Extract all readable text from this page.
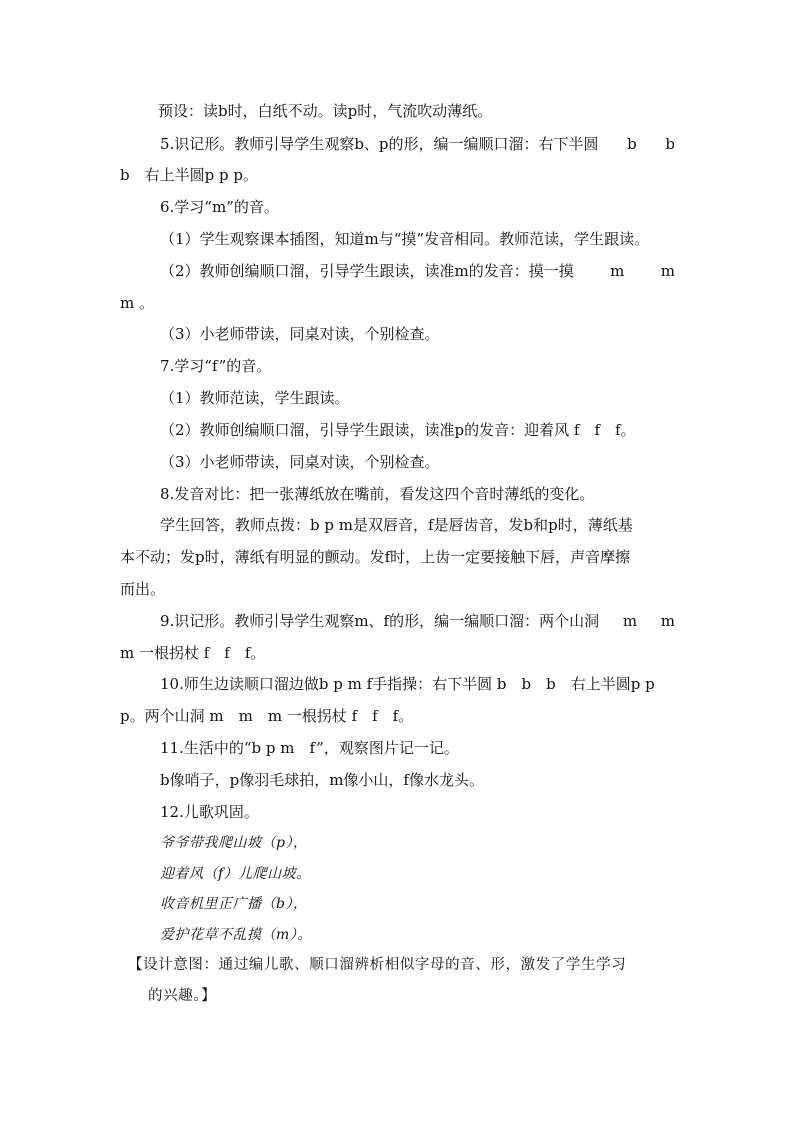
预设：读b时，白纸不动。读p时，气流吹动薄纸。
5.识记形。教师引导学生观察b、p的形，编一编顺口溜：右下半圆 b b
b　右上半圆p p p。
6.学习“m”的音。
（1）学生观察课本插图，知道m与“摸”发音相同。教师范读，学生跟读。
（2）教师创编顺口溜，引导学生跟读，读准m的发音：摸一摸 m m
m 。
（3）小老师带读，同桌对读，个别检查。
7.学习“f”的音。
（1）教师范读，学生跟读。
（2）教师创编顺口溜，引导学生跟读，读准p的发音：迎着风 f　f　f。
（3）小老师带读，同桌对读，个别检查。
8.发音对比：把一张薄纸放在嘴前，看发这四个音时薄纸的变化。
学生回答，教师点拨：b p m是双唇音，f是唇齿音，发b和p时，薄纸基
本不动；发p时，薄纸有明显的颤动。发f时，上齿一定要接触下唇，声音摩擦
而出。
9.识记形。教师引导学生观察m、f的形，编一编顺口溜：两个山洞 m m
m 一根拐杖 f　f　f。
10.师生边读顺口溜边做b p m f手指操：右下半圆 b　b　b　右上半圆p p
p。两个山洞 m　m　m 一根拐杖 f　f　f。
11.生活中的“b p m　f”，观察图片记一记。
b像哨子，p像羽毛球拍，m像小山，f像水龙头。
12.儿歌巩固。
爷爷带我爬山坡（p），
迎着风（f）儿爬山坡。
收音机里正广播（b），
爱护花草不乱摸（m）。
【设计意图：通过编儿歌、顺口溜辨析相似字母的音、形，激发了学生学习
的兴趣。】
